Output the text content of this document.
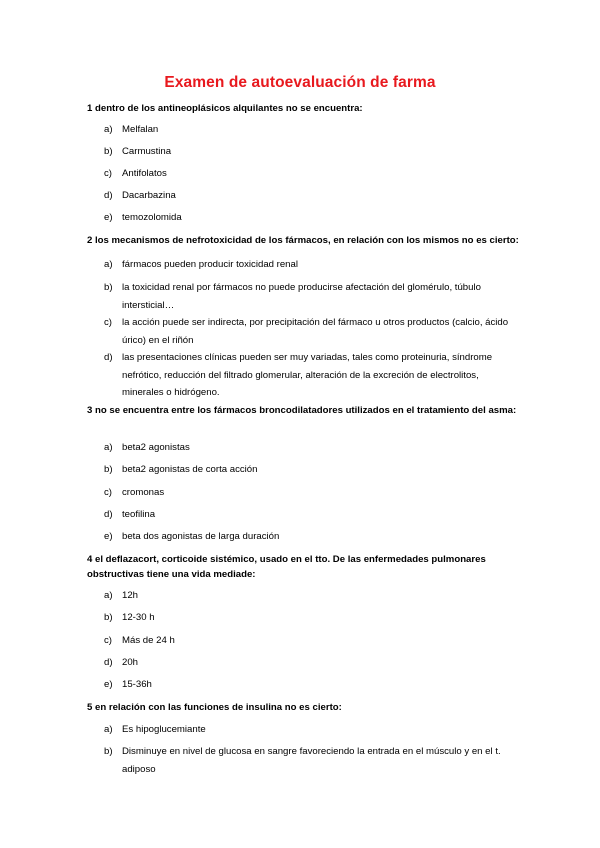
Examen de autoevaluación de farma
1 dentro de los antineoplásicos alquilantes no se encuentra:
a) Melfalan
b) Carmustina
c)	Antifolatos
d) Dacarbazina
e) temozolomida
2 los mecanismos de nefrotoxicidad de los fármacos, en relación con los mismos no es cierto:
a) fármacos pueden producir toxicidad renal
b) la toxicidad renal por fármacos no puede producirse afectación del glomérulo, túbulo intersticial…
c)	la acción puede ser indirecta, por precipitación del fármaco u otros productos (calcio, ácido úrico) en el riñón
d) las presentaciones clínicas pueden ser muy variadas, tales como proteinuria, síndrome nefrótico, reducción del filtrado glomerular, alteración de la excreción de electrolitos, minerales o hidrógeno.
3 no se encuentra entre los fármacos broncodilatadores utilizados en el tratamiento del asma:
a) beta2 agonistas
b) beta2 agonistas de corta acción
c)	cromonas
d) teofilina
e) beta dos agonistas de larga duración
4 el deflazacort, corticoide sistémico, usado en el tto. De las enfermedades pulmonares obstructivas tiene una vida mediade:
a) 12h
b) 12-30 h
c)	Más de 24 h
d) 20h
e) 15-36h
5 en relación con las funciones de insulina no es cierto:
a) Es hipoglucemiante
b) Disminuye en nivel de glucosa en sangre favoreciendo la entrada en el músculo y en el t. adiposo
